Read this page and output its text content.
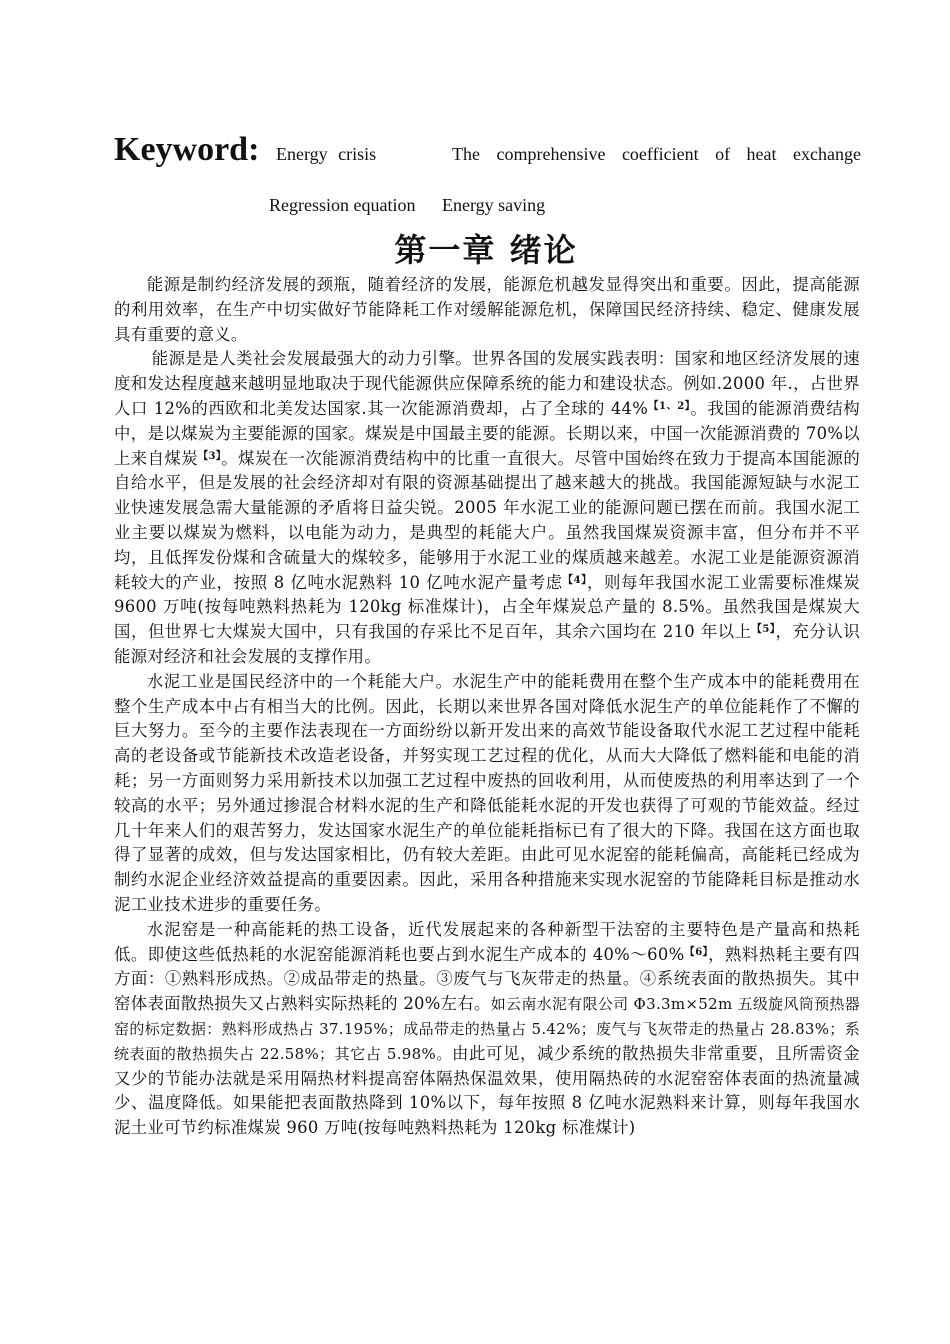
Keyword: Energy crisis	The comprehensive coefficient of heat exchange
Regression equation Energy saving
第一章 绪论

能源是制约经济发展的颈瓶，随着经济的发展，能源危机越发显得突出和重要。因此，提高能源的利用效率，在生产中切实做好节能降耗工作对缓解能源危机，保障国民经济持续、稳定、健康发展具有重要的意义。

能源是是人类社会发展最强大的动力引擎。世界各国的发展实践表明：国家和地区经济发展的速度和发达程度越来越明显地取决于现代能源供应保障系统的能力和建设状态。例如.2000 年.，占世界人口 12%的西欧和北美发达国家.其一次能源消费却，占了全球的 44%$^{【1、2】}$。我国的能源消费结构中，是以煤炭为主要能源的国家。煤炭是中国最主要的能源。长期以来，中国一次能源消费的 70%以上来自煤炭$^{【3】}$。煤炭在一次能源消费结构中的比重一直很大。尽管中国始终在致力于提高本国能源的自给水平，但是发展的社会经济却对有限的资源基础提出了越来越大的挑战。我国能源短缺与水泥工业快速发展急需大量能源的矛盾将日益尖锐。2005 年水泥工业的能源问题已摆在而前。我国水泥工业主要以煤炭为燃料，以电能为动力，是典型的耗能大户。虽然我国煤炭资源丰富，但分布并不平均，且低挥发份煤和含硫量大的煤较多，能够用于水泥工业的煤质越来越差。水泥工业是能源资源消耗较大的产业，按照 8 亿吨水泥熟料 10 亿吨水泥产量考虑$^{【4】}$，则每年我国水泥工业需要标准煤炭 9600 万吨(按每吨熟料热耗为 120kg 标准煤计)，占全年煤炭总产量的 8.5%。虽然我国是煤炭大国，但世界七大煤炭大国中，只有我国的存采比不足百年，其余六国均在 210 年以上$^{【5】}$，充分认识能源对经济和社会发展的支撑作用。

水泥工业是国民经济中的一个耗能大户。水泥生产中的能耗费用在整个生产成本中的能耗费用在整个生产成本中占有相当大的比例。因此，长期以来世界各国对降低水泥生产的单位能耗作了不懈的巨大努力。至今的主要作法表现在一方面纷纷以新开发出来的高效节能设备取代水泥工艺过程中能耗高的老设备或节能新技术改造老设备，并努实现工艺过程的优化，从而大大降低了燃料能和电能的消耗；另一方面则努力采用新技术以加强工艺过程中废热的回收利用，从而使废热的利用率达到了一个较高的水平；另外通过掺混合材料水泥的生产和降低能耗水泥的开发也获得了可观的节能效益。经过几十年来人们的艰苦努力，发达国家水泥生产的单位能耗指标已有了很大的下降。我国在这方面也取得了显著的成效，但与发达国家相比，仍有较大差距。由此可见水泥窑的能耗偏高，高能耗已经成为制约水泥企业经济效益提高的重要因素。因此，采用各种措施来实现水泥窑的节能降耗目标是推动水泥工业技术进步的重要任务。

水泥窑是一种高能耗的热工设备，近代发展起来的各种新型干法窑的主要特色是产量高和热耗低。即使这些低热耗的水泥窑能源消耗也要占到水泥生产成本的 40%～60%$^{【6】}$，熟料热耗主要有四方面：①熟料形成热。②成品带走的热量。③废气与飞灰带走的热量。④系统表面的散热损失。其中窑体表面散热损失又占熟料实际热耗的 20%左右。如云南水泥有限公司 Φ3.3m×52m 五级旋风筒预热器窑的标定数据：熟料形成热占 37.195%；成品带走的热量占 5.42%；废气与飞灰带走的热量占 28.83%；系统表面的散热损失占 22.58%；其它占 5.98%。由此可见，减少系统的散热损失非常重要，且所需资金又少的节能办法就是采用隔热材料提高窑体隔热保温效果，使用隔热砖的水泥窑窑体表面的热流量减少、温度降低。如果能把表面散热降到 10%以下，每年按照 8 亿吨水泥熟料来计算，则每年我国水泥土业可节约标准煤炭 960 万吨(按每吨熟料热耗为 120kg 标准煤计)
